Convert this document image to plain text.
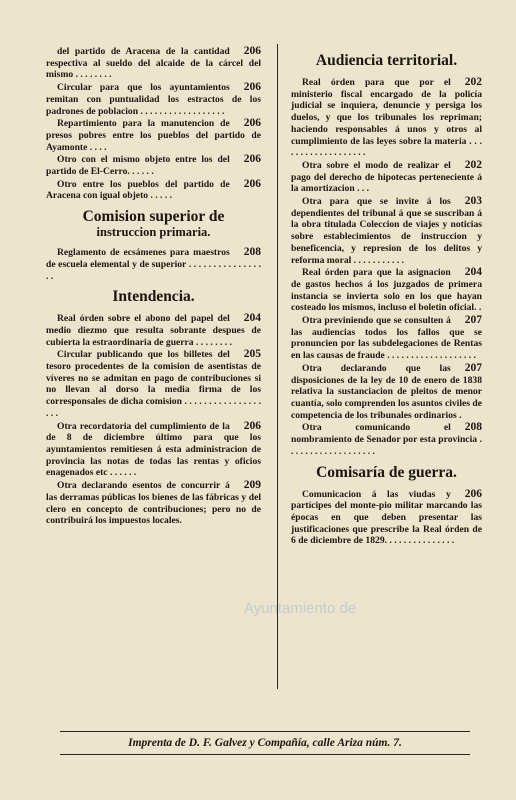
206
del partido de Aracena de la cantidad respectiva al sueldo del alcaide de la cárcel del mismo . . . . . . . .

206
Circular para que los ayuntamientos remitan con puntualidad los estractos de los padrones de poblacion . . . . . . . . . . . . . . . . . .

206
Repartimiento para la manutencion de presos pobres entre los pueblos del partido de Ayamonte . . . .

206
Otro con el mismo objeto entre los del partido de El-Cerro. . . . . .

206
Otro entre los pueblos del partido de Aracena con igual objeto . . . . .

Comision superior de
instruccion primaria.

208
Reglamento de ecsámenes para maestros de escuela elemental y de superior . . . . . . . . . . . . . . . . .

Intendencia.

204
Real órden sobre el abono del papel del medio diezmo que resulta sobrante despues de cubierta la estraordinaria de guerra . . . . . . . .

205
Circular publicando que los billetes del tesoro procedentes de la comision de asentistas de víveres no se admitan en pago de contribuciones si no llevan al dorso la media firma de los corresponsales de dicha comision . . . . . . . . . . . . . . . . . . .

206
Otra recordatoria del cumplimiento de la de 8 de diciembre último para que los ayuntamientos remitiesen á esta administracion de provincia las notas de todas las rentas y oficios enagenados etc . . . . . .

209
Otra declarando esentos de concurrir á las derramas públicas los bienes de las fábricas y del clero en concepto de contribuciones; pero no de contribuirá los impuestos locales.

Audiencia territorial.

202
Real órden para que por el ministerio fiscal encargado de la policía judicial se inquiera, denuncie y persiga los duelos, y que los tribunales los repriman; haciendo responsables á unos y otros al cumplimiento de las leyes sobre la materia . . . . . . . . . . . . . . . . . . .

202
Otra sobre el modo de realizar el pago del derecho de hipotecas perteneciente á la amortizacion . . .

203
Otra para que se invite á los dependientes del tribunal á que se suscriban á la obra titulada Coleccion de viajes y noticias sobre establecimientos de instruccion y beneficencia, y represion de los delitos y reforma moral . . . . . . . . . . .

204
Real órden para que la asignacion de gastos hechos á los juzgados de primera instancia se invierta solo en los que hayan costeado los mismos, incluso el boletin oficial. .

207
Otra previniendo que se consulten á las audiencias todos los fallos que se pronuncien por las subdelegaciones de Rentas en las causas de fraude . . . . . . . . . . . . . . . . . . .

207
Otra declarando que las disposiciones de la ley de 10 de enero de 1838 relativa la sustanciacion de pleitos de menor cuantía, solo comprenden los asuntos civiles de competencia de los tribunales ordinarios .

208
Otra comunicando el nombramiento de Senador por esta provincia . . . . . . . . . . . . . . . . . . .

Comisaría de guerra.

206
Comunicacion á las viudas y partícipes del monte-pio militar marcando las épocas en que deben presentar las justificaciones que prescribe la Real órden de 6 de diciembre de 1829. . . . . . . . . . . . . . .

Imprenta de D. F. Galvez y Compañía, calle Ariza núm. 7.
Ayuntamiento de
